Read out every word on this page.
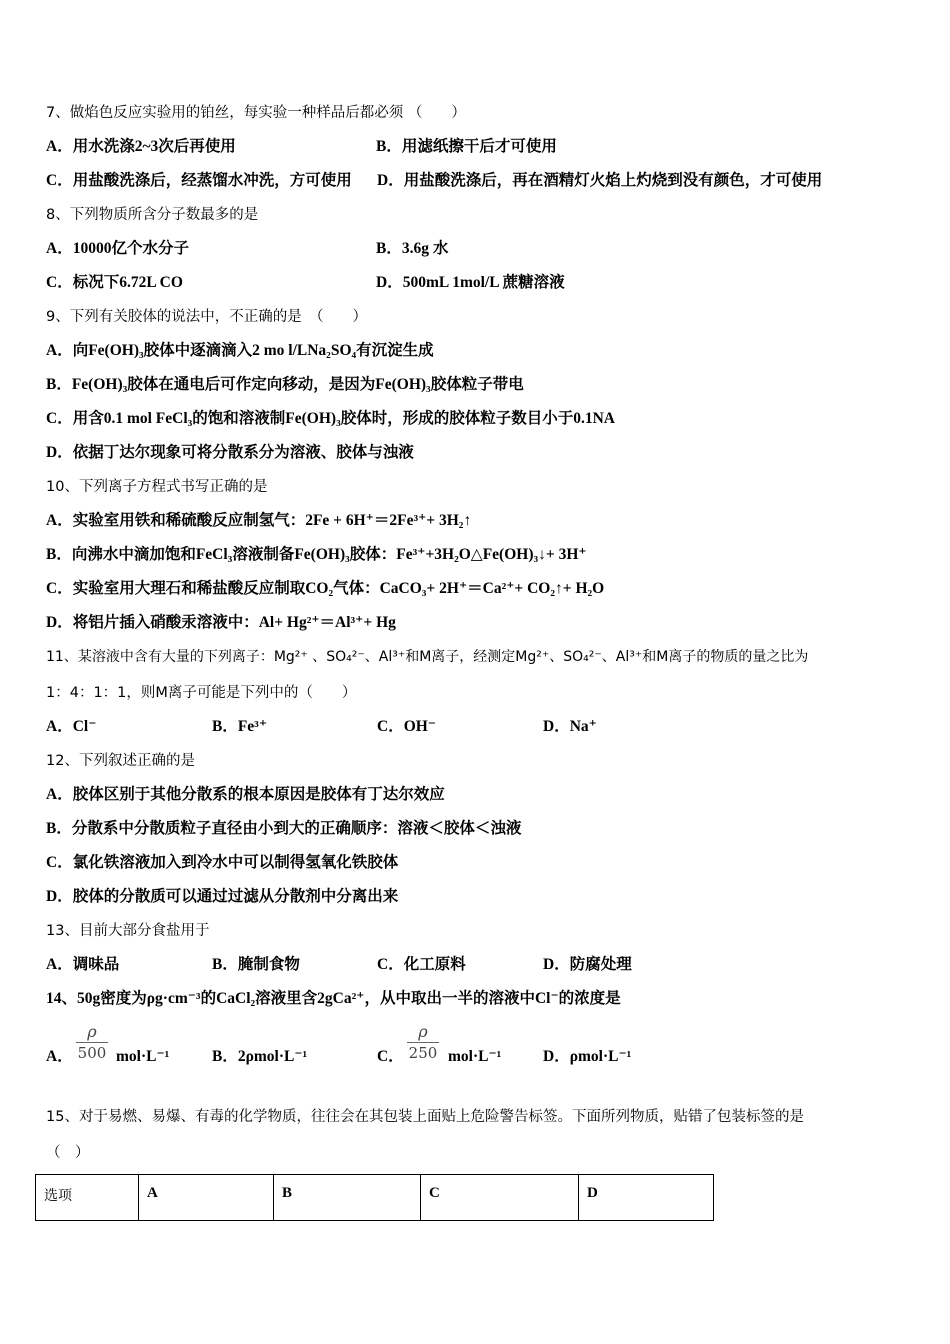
7、做焰色反应实验用的铂丝，每实验一种样品后都必须 （　　）
A．用水洗涤2~3次后再使用	B．用滤纸擦干后才可使用
C．用盐酸洗涤后，经蒸馏水冲洗，方可使用 D．用盐酸洗涤后，再在酒精灯火焰上灼烧到没有颜色，才可使用
8、下列物质所含分子数最多的是
A．10000亿个水分子	B．3.6g 水
C．标况下6.72L CO	D．500mL 1mol/L 蔗糖溶液
9、下列有关胶体的说法中，不正确的是　（　　）
A．向Fe(OH)₃胶体中逐滴滴入2 mo l/LNa₂SO₄有沉淀生成
B．Fe(OH)₃胶体在通电后可作定向移动，是因为Fe(OH)₃胶体粒子带电
C．用含0.1 mol FeCl₃的饱和溶液制Fe(OH)₃胶体时，形成的胶体粒子数目小于0.1NA
D．依据丁达尔现象可将分散系分为溶液、胶体与浊液
10、下列离子方程式书写正确的是
A．实验室用铁和稀硫酸反应制氢气：2Fe + 6H⁺＝2Fe³⁺+ 3H₂↑
B．向沸水中滴加饱和FeCl₃溶液制备Fe(OH)₃胶体：Fe³⁺+3H₂O△Fe(OH)₃↓+ 3H⁺
C．实验室用大理石和稀盐酸反应制取CO₂气体：CaCO₃+ 2H⁺＝Ca²⁺+ CO₂↑+ H₂O
D．将铝片插入硝酸汞溶液中：Al+ Hg²⁺＝Al³⁺+ Hg
11、某溶液中含有大量的下列离子：Mg²⁺ 、SO₄²⁻、Al³⁺和M离子，经测定Mg²⁺、SO₄²⁻、Al³⁺和M离子的物质的量之比为
1：4：1：1，则M离子可能是下列中的（　　）
A．Cl⁻	B．Fe³⁺	C．OH⁻	D．Na⁺
12、下列叙述正确的是
A．胶体区别于其他分散系的根本原因是胶体有丁达尔效应
B．分散系中分散质粒子直径由小到大的正确顺序：溶液＜胶体＜浊液
C．氯化铁溶液加入到冷水中可以制得氢氧化铁胶体
D．胶体的分散质可以通过过滤从分散剂中分离出来
13、目前大部分食盐用于
A．调味品	B．腌制食物	C．化工原料	D．防腐处理
14、50g密度为ρg·cm⁻³的CaCl₂溶液里含2gCa²⁺，从中取出一半的溶液中Cl⁻的浓度是
A．
ρ
500 mol·L⁻¹	B．2ρmol·L⁻¹	C．
ρ
250 mol·L⁻¹	D．ρmol·L⁻¹
15、对于易燃、易爆、有毒的化学物质，往往会在其包装上面贴上危险警告标签。下面所列物质，贴错了包装标签的是
（　）
选项	A	B	C	D
